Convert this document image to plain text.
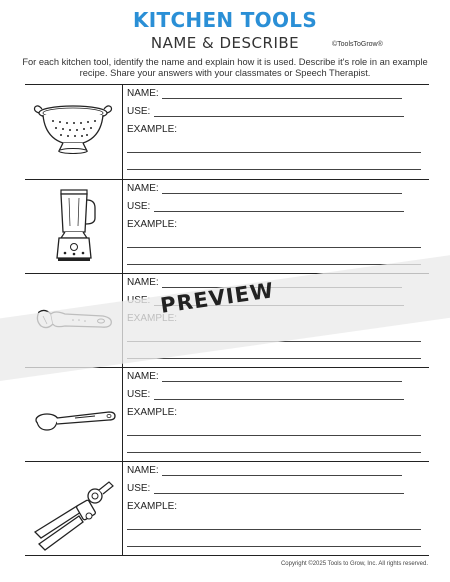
KITCHEN TOOLS
NAME & DESCRIBE	©ToolsToGrow®
For each kitchen tool, identify the name and explain how it is used. Describe it's role in an example recipe. Share your answers with your classmates or Speech Therapist.
NAME:
USE:
EXAMPLE:
NAME:
USE:
EXAMPLE:
NAME:
NAME:
USE:
EXAMPLE:
NAME:
USE:
EXAMPLE:
PREVIEW
Copyright ©2025 Tools to Grow, Inc. All rights reserved.
